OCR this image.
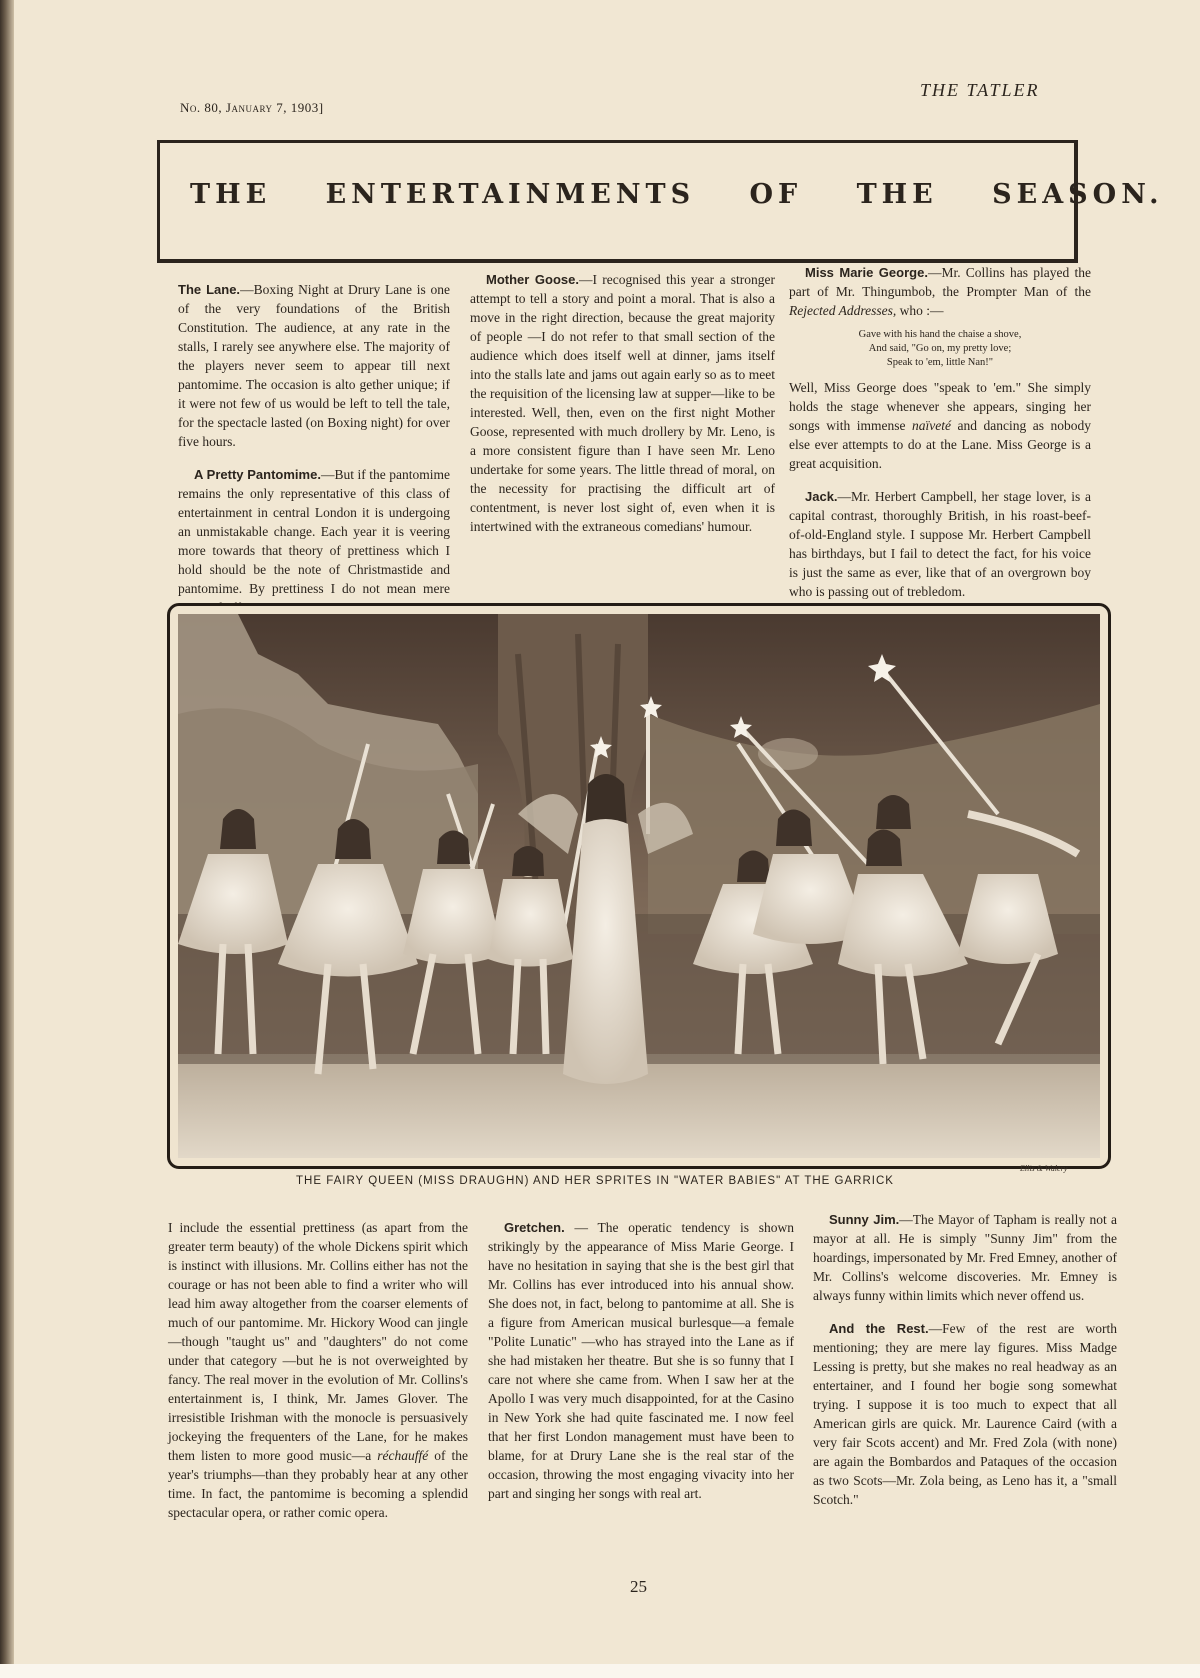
No. 80, January 7, 1903]
THE TATLER
THE ENTERTAINMENTS OF THE SEASON.

The Lane.—Boxing Night at Drury Lane is one of the very foundations of the British Constitution. The audience, at any rate in the stalls, I rarely see anywhere else. The majority of the players never seem to appear till next pantomime. The occasion is alto gether unique; if it were not few of us would be left to tell the tale, for the spectacle lasted (on Boxing night) for over five hours.

A Pretty Pantomime.—But if the pantomime remains the only representative of this class of entertainment in central London it is undergoing an unmistakable change. Each year it is veering more towards that theory of prettiness which I hold should be the note of Christmastide and pantomime. By prettiness I do not mean mere

Mother Goose.—I recognised this year a stronger attempt to tell a story and point a moral. That is also a move in the right direction, because the great majority of people —I do not refer to that small section of the audience which does itself well at dinner, jams itself into the stalls late and jams out again early so as to meet the requisition of the licensing law at supper—like to be interested. Well, then, even on the first night Mother Goose, represented with much drollery by Mr. Leno, is a more consistent figure than I have seen Mr. Leno undertake for some years. The little thread of moral, on the necessity for practising the difficult art of contentment, is never lost sight of, even when it is intertwined with the extraneous comedians' humour.

Miss Marie George.—Mr. Collins has played the part of Mr. Thingumbob, the Prompter Man of the Rejected Addresses, who :—

Gave with his hand the chaise a shove,
And said, "Go on, my pretty love;
Speak to 'em, little Nan!"

Well, Miss George does "speak to 'em." She simply holds the stage whenever she appears, singing her songs with immense naïveté and dancing as nobody else ever attempts to do at the Lane. Miss George is a great acquisition.

Jack.—Mr. Herbert Campbell, her stage lover, is a capital contrast, thoroughly British, in his roast-beef-of-old-England style. I suppose Mr. Herbert Campbell has birthdays, but I fail to detect the fact, for his voice is just the same as ever, like that of an overgrown boy who is passing out of trebledom.

Ellis & Walery
THE FAIRY QUEEN (MISS DRAUGHN) AND HER SPRITES IN "WATER BABIES" AT THE GARRICK

I include the essential prettiness (as apart from the greater term beauty) of the whole Dickens spirit which is instinct with illusions. Mr. Collins either has not the courage or has not been able to find a writer who will lead him away altogether from the coarser elements of much of our pantomime. Mr. Hickory Wood can jingle—though "taught us" and "daughters" do not come under that category —but he is not overweighted by fancy. The real mover in the evolution of Mr. Collins's entertainment is, I think, Mr. James Glover. The irresistible Irishman with the monocle is persuasively jockeying the frequenters of the Lane, for he makes them listen to more good music—a réchauffé of the year's triumphs—than they probably hear at any other time. In fact, the pantomime is becoming a splendid spectacular opera, or rather comic opera.

Gretchen. — The operatic tendency is shown strikingly by the appearance of Miss Marie George. I have no hesitation in saying that she is the best girl that Mr. Collins has ever introduced into his annual show. She does not, in fact, belong to pantomime at all. She is a figure from American musical burlesque—a female "Polite Lunatic" —who has strayed into the Lane as if she had mistaken her theatre. But she is so funny that I care not where she came from. When I saw her at the Apollo I was very much disappointed, for at the Casino in New York she had quite fascinated me. I now feel that her first London management must have been to blame, for at Drury Lane she is the real star of the occasion, throwing the most engaging vivacity into her part and singing her songs with real art.

Sunny Jim.—The Mayor of Tapham is really not a mayor at all. He is simply "Sunny Jim" from the hoardings, impersonated by Mr. Fred Emney, another of Mr. Collins's welcome discoveries. Mr. Emney is always funny within limits which never offend us.

And the Rest.—Few of the rest are worth mentioning; they are mere lay figures. Miss Madge Lessing is pretty, but she makes no real headway as an entertainer, and I found her bogie song somewhat trying. I suppose it is too much to expect that all American girls are quick. Mr. Laurence Caird (with a very fair Scots accent) and Mr. Fred Zola (with none) are again the Bombardos and Pataques of the occasion as two Scots—Mr. Zola being, as Leno has it, a "small Scotch."

25
